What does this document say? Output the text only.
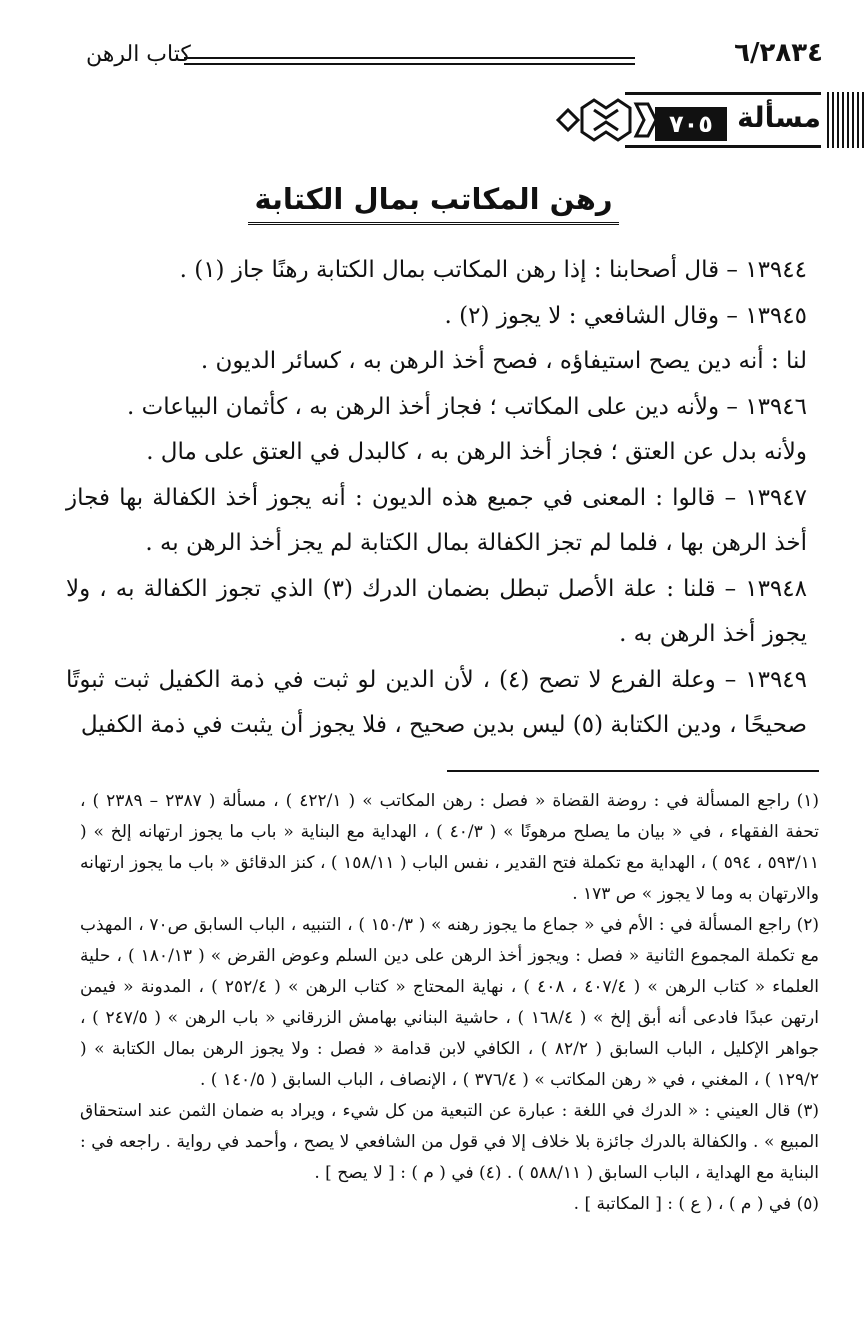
٦/٢٨٣٤
كتاب الرهن
مسألة
٧٠٥
رهن المكاتب بمال الكتابة

١٣٩٤٤ – قال أصحابنا : إذا رهن المكاتب بمال الكتابة رهنًا جاز (١) .

١٣٩٤٥ – وقال الشافعي : لا يجوز (٢) .

لنا : أنه دين يصح استيفاؤه ، فصح أخذ الرهن به ، كسائر الديون .

١٣٩٤٦ – ولأنه دين على المكاتب ؛ فجاز أخذ الرهن به ، كأثمان البياعات .

ولأنه بدل عن العتق ؛ فجاز أخذ الرهن به ، كالبدل في العتق على مال .

١٣٩٤٧ – قالوا : المعنى في جميع هذه الديون : أنه يجوز أخذ الكفالة بها فجاز أخذ الرهن بها ، فلما لم تجز الكفالة بمال الكتابة لم يجز أخذ الرهن به .

١٣٩٤٨ – قلنا : علة الأصل تبطل بضمان الدرك (٣) الذي تجوز الكفالة به ، ولا يجوز أخذ الرهن به .

١٣٩٤٩ – وعلة الفرع لا تصح (٤) ، لأن الدين لو ثبت في ذمة الكفيل ثبت ثبوتًا صحيحًا ، ودين الكتابة (٥) ليس بدين صحيح ، فلا يجوز أن يثبت في ذمة الكفيل

(١) راجع المسألة في : روضة القضاة « فصل : رهن المكاتب » ( ٤٢٢/١ ) ، مسألة ( ٢٣٨٧ – ٢٣٨٩ ) ، تحفة الفقهاء ، في « بيان ما يصلح مرهونًا » ( ٤٠/٣ ) ، الهداية مع البناية « باب ما يجوز ارتهانه إلخ » ( ٥٩٣/١١ ، ٥٩٤ ) ، الهداية مع تكملة فتح القدير ، نفس الباب ( ١٥٨/١١ ) ، كنز الدقائق « باب ما يجوز ارتهانه والارتهان به وما لا يجوز » ص ١٧٣ .

(٢) راجع المسألة في : الأم في « جماع ما يجوز رهنه » ( ١٥٠/٣ ) ، التنبيه ، الباب السابق ص٧٠ ، المهذب مع تكملة المجموع الثانية « فصل : ويجوز أخذ الرهن على دين السلم وعوض القرض » ( ١٨٠/١٣ ) ، حلية العلماء « كتاب الرهن » ( ٤٠٧/٤ ، ٤٠٨ ) ، نهاية المحتاج « كتاب الرهن » ( ٢٥٢/٤ ) ، المدونة « فيمن ارتهن عبدًا فادعى أنه أبق إلخ » ( ١٦٨/٤ ) ، حاشية البناني بهامش الزرقاني « باب الرهن » ( ٢٤٧/٥ ) ، جواهر الإكليل ، الباب السابق ( ٨٢/٢ ) ، الكافي لابن قدامة « فصل : ولا يجوز الرهن بمال الكتابة » ( ١٢٩/٢ ) ، المغني ، في « رهن المكاتب » ( ٣٧٦/٤ ) ، الإنصاف ، الباب السابق ( ١٤٠/٥ ) .

(٣) قال العيني : « الدرك في اللغة : عبارة عن التبعية من كل شيء ، ويراد به ضمان الثمن عند استحقاق المبيع » . والكفالة بالدرك جائزة بلا خلاف إلا في قول من الشافعي لا يصح ، وأحمد في رواية . راجعه في : البناية مع الهداية ، الباب السابق ( ٥٨٨/١١ ) . (٤) في ( م ) : [ لا يصح ] .

(٥) في ( م ) ، ( ع ) : [ المكاتبة ] .
